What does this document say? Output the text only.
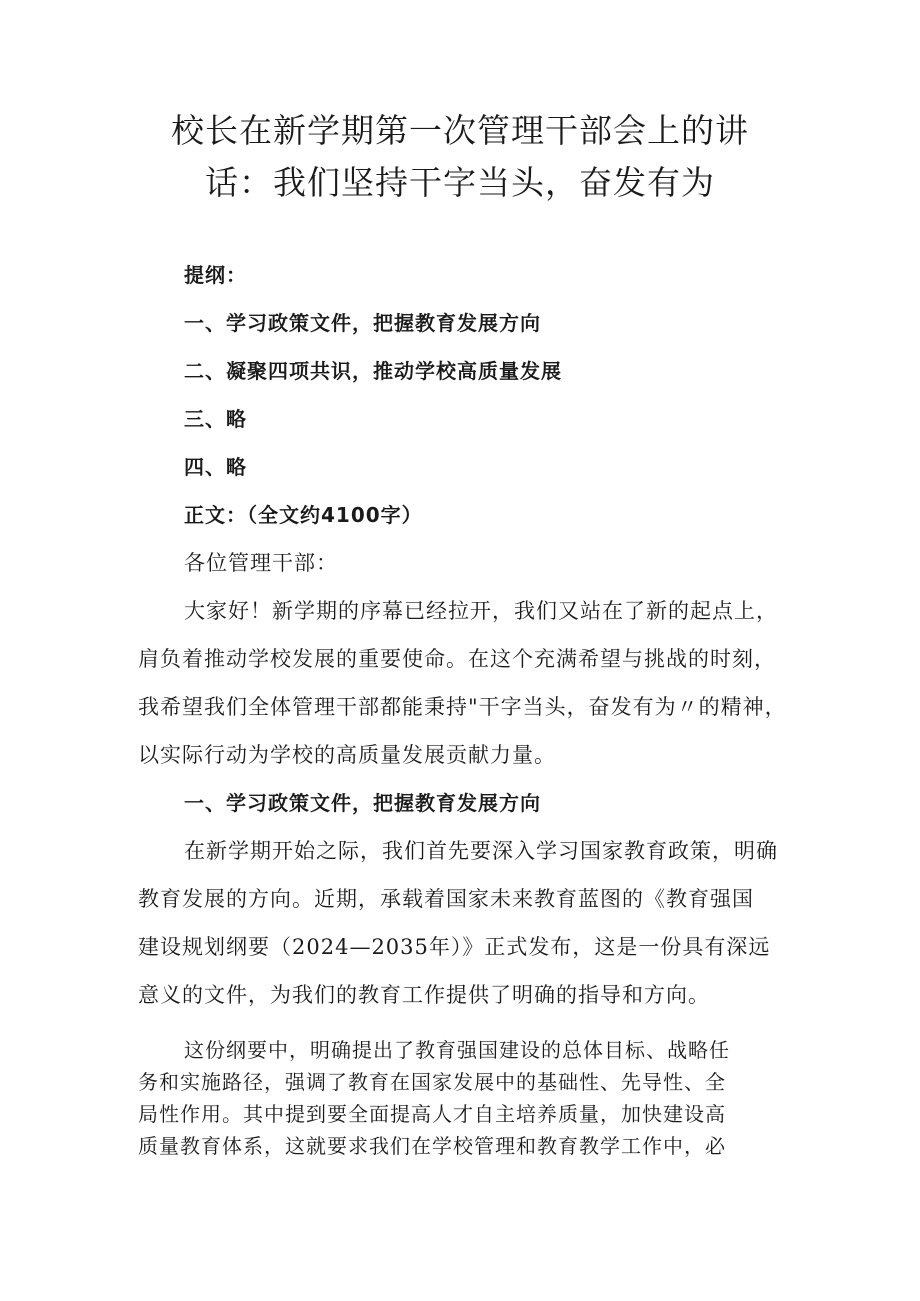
校长在新学期第一次管理干部会上的讲
话：我们坚持干字当头，奋发有为

提纲：

一、学习政策文件，把握教育发展方向

二、凝聚四项共识，推动学校高质量发展

三、略

四、略

正文：（全文约4100字）

各位管理干部：

大家好！新学期的序幕已经拉开，我们又站在了新的起点上，

肩负着推动学校发展的重要使命。在这个充满希望与挑战的时刻，

我希望我们全体管理干部都能秉持"干字当头，奋发有为〃的精神，

以实际行动为学校的高质量发展贡献力量。

一、学习政策文件，把握教育发展方向

在新学期开始之际，我们首先要深入学习国家教育政策，明确

教育发展的方向。近期，承载着国家未来教育蓝图的《教育强国

建设规划纲要（2024—2035年）》正式发布，这是一份具有深远

意义的文件，为我们的教育工作提供了明确的指导和方向。

这份纲要中，明确提出了教育强国建设的总体目标、战略任

务和实施路径，强调了教育在国家发展中的基础性、先导性、全

局性作用。其中提到要全面提高人才自主培养质量，加快建设高

质量教育体系，这就要求我们在学校管理和教育教学工作中，必
